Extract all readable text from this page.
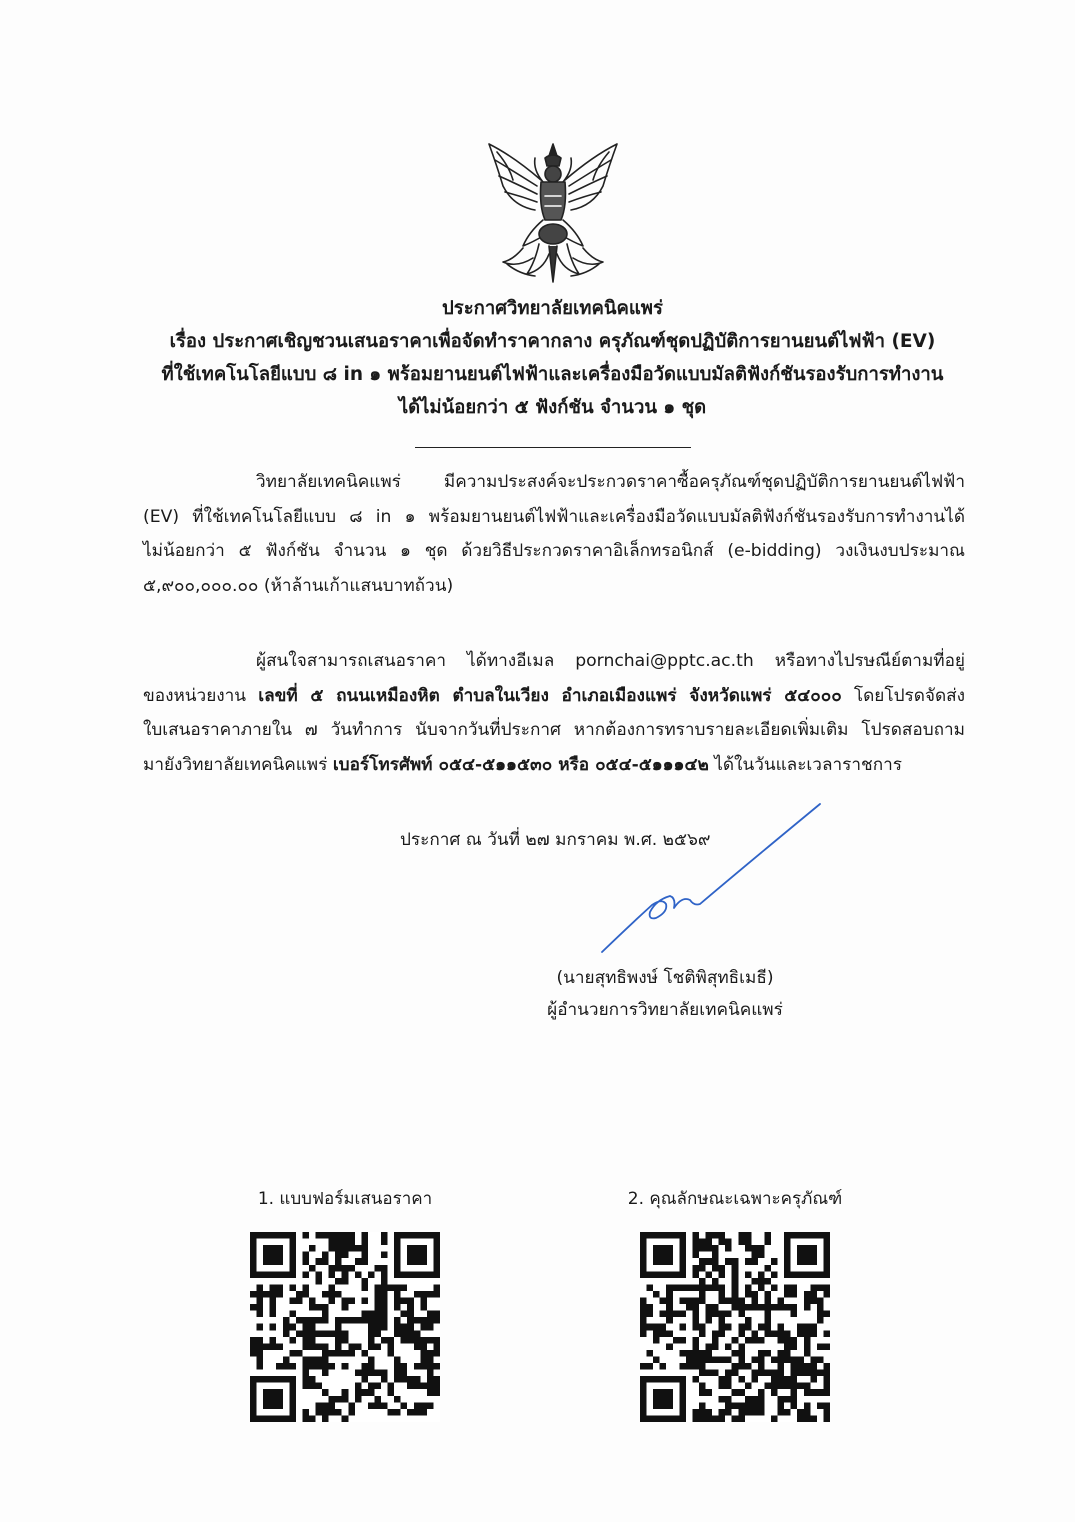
ประกาศวิทยาลัยเทคนิคแพร่
เรื่อง ประกาศเชิญชวนเสนอราคาเพื่อจัดทำราคากลาง ครุภัณฑ์ชุดปฏิบัติการยานยนต์ไฟฟ้า (EV)
ที่ใช้เทคโนโลยีแบบ ๘ in ๑ พร้อมยานยนต์ไฟฟ้าและเครื่องมือวัดแบบมัลติฟังก์ชันรองรับการทำงาน
ได้ไม่น้อยกว่า ๕ ฟังก์ชัน จำนวน ๑ ชุด
วิทยาลัยเทคนิคแพร่ มีความประสงค์จะประกวดราคาซื้อครุภัณฑ์ชุดปฏิบัติการยานยนต์ไฟฟ้า
(EV) ที่ใช้เทคโนโลยีแบบ ๘ in ๑ พร้อมยานยนต์ไฟฟ้าและเครื่องมือวัดแบบมัลติฟังก์ชันรองรับการทำงานได้
ไม่น้อยกว่า ๕ ฟังก์ชัน จำนวน ๑ ชุด ด้วยวิธีประกวดราคาอิเล็กทรอนิกส์ (e-bidding) วงเงินงบประมาณ
๕,๙๐๐,๐๐๐.๐๐ (ห้าล้านเก้าแสนบาทถ้วน)
ผู้สนใจสามารถเสนอราคา ได้ทางอีเมล pornchai@pptc.ac.th หรือทางไปรษณีย์ตามที่อยู่
ของหน่วยงาน เลขที่ ๕ ถนนเหมืองหิต ตำบลในเวียง อำเภอเมืองแพร่ จังหวัดแพร่ ๕๔๐๐๐ โดยโปรดจัดส่ง
ใบเสนอราคาภายใน ๗ วันทำการ นับจากวันที่ประกาศ หากต้องการทราบรายละเอียดเพิ่มเติม โปรดสอบถาม
มายังวิทยาลัยเทคนิคแพร่ เบอร์โทรศัพท์ ๐๕๔-๕๑๑๕๓๐ หรือ ๐๕๔-๕๑๑๑๔๒ ได้ในวันและเวลาราชการ
ประกาศ ณ วันที่ ๒๗ มกราคม พ.ศ. ๒๕๖๙
(นายสุทธิพงษ์ โชติพิสุทธิเมธี)
ผู้อำนวยการวิทยาลัยเทคนิคแพร่
1. แบบฟอร์มเสนอราคา	2. คุณลักษณะเฉพาะครุภัณฑ์
